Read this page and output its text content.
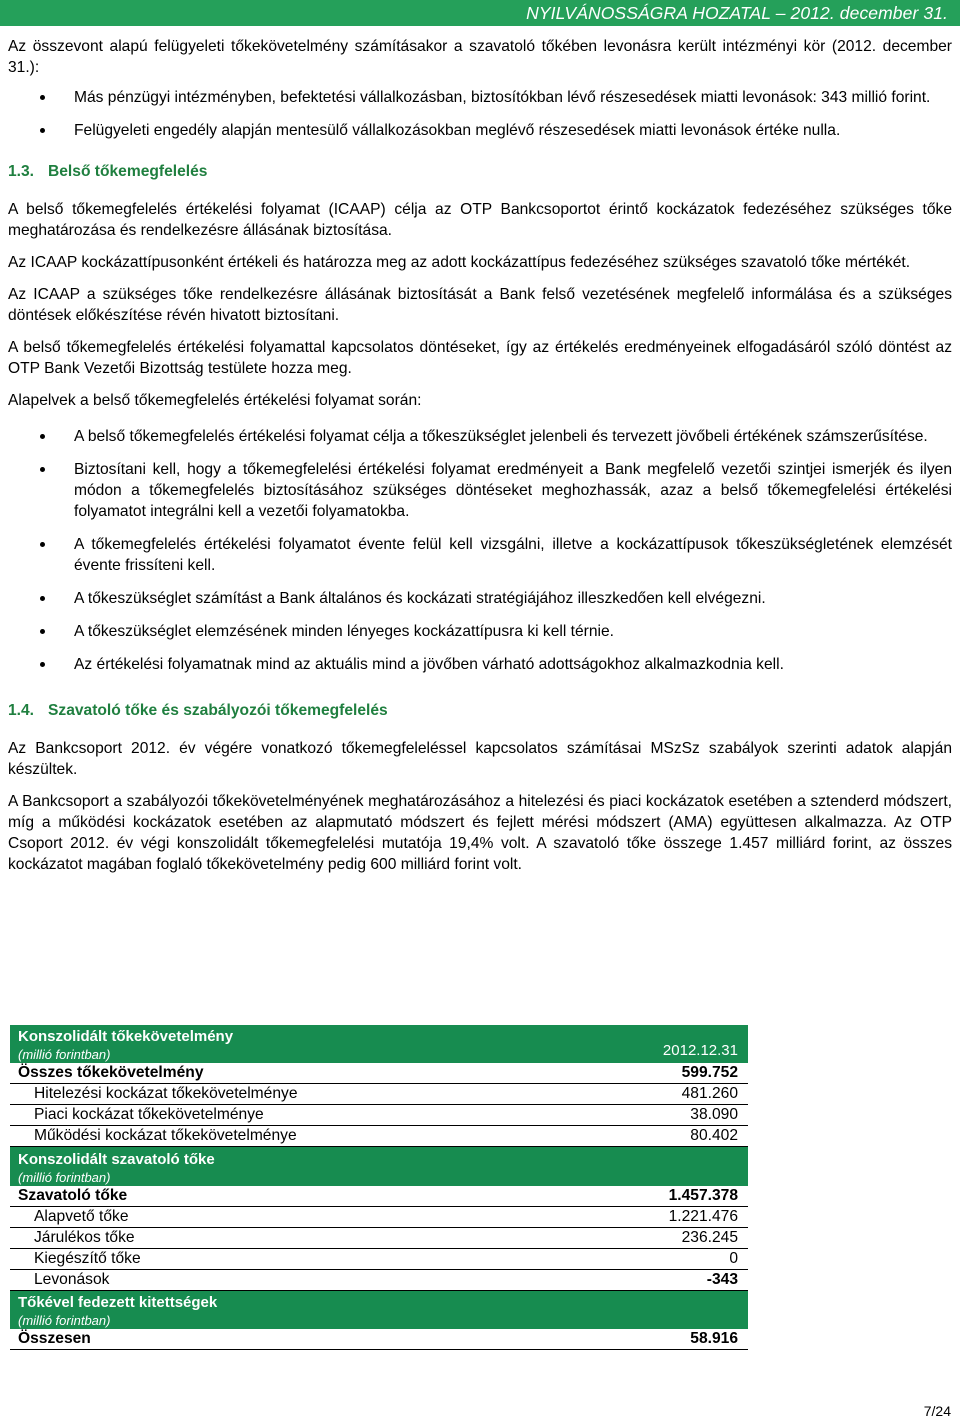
NYILVÁNOSSÁGRA HOZATAL – 2012. december 31.

Az összevont alapú felügyeleti tőkekövetelmény számításakor a szavatoló tőkében levonásra került intézményi kör (2012. december 31.):

Más pénzügyi intézményben, befektetési vállalkozásban, biztosítókban lévő részesedések miatti levonások: 343 millió forint.
Felügyeleti engedély alapján mentesülő vállalkozásokban meglévő részesedések miatti levonások értéke nulla.
1.3. Belső tőkemegfelelés

A belső tőkemegfelelés értékelési folyamat (ICAAP) célja az OTP Bankcsoportot érintő kockázatok fedezéséhez szükséges tőke meghatározása és rendelkezésre állásának biztosítása.

Az ICAAP kockázattípusonként értékeli és határozza meg az adott kockázattípus fedezéséhez szükséges szavatoló tőke mértékét.

Az ICAAP a szükséges tőke rendelkezésre állásának biztosítását a Bank felső vezetésének megfelelő informálása és a szükséges döntések előkészítése révén hivatott biztosítani.

A belső tőkemegfelelés értékelési folyamattal kapcsolatos döntéseket, így az értékelés eredményeinek elfogadásáról szóló döntést az OTP Bank Vezetői Bizottság testülete hozza meg.

Alapelvek a belső tőkemegfelelés értékelési folyamat során:

A belső tőkemegfelelés értékelési folyamat célja a tőkeszükséglet jelenbeli és tervezett jövőbeli értékének számszerűsítése.
Biztosítani kell, hogy a tőkemegfelelési értékelési folyamat eredményeit a Bank megfelelő vezetői szintjei ismerjék és ilyen módon a tőkemegfelelés biztosításához szükséges döntéseket meghozhassák, azaz a belső tőkemegfelelési értékelési folyamatot integrálni kell a vezetői folyamatokba.
A tőkemegfelelés értékelési folyamatot évente felül kell vizsgálni, illetve a kockázattípusok tőkeszükségletének elemzését évente frissíteni kell.
A tőkeszükséglet számítást a Bank általános és kockázati stratégiájához illeszkedően kell elvégezni.
A tőkeszükséglet elemzésének minden lényeges kockázattípusra ki kell térnie.
Az értékelési folyamatnak mind az aktuális mind a jövőben várható adottságokhoz alkalmazkodnia kell.
1.4. Szavatoló tőke és szabályozói tőkemegfelelés

Az Bankcsoport 2012. év végére vonatkozó tőkemegfeleléssel kapcsolatos számításai MSzSz szabályok szerinti adatok alapján készültek.

A Bankcsoport a szabályozói tőkekövetelményének meghatározásához a hitelezési és piaci kockázatok esetében a sztenderd módszert, míg a működési kockázatok esetében az alapmutató módszert és fejlett mérési módszert (AMA) együttesen alkalmazza. Az OTP Csoport 2012. év végi konszolidált tőkemegfelelési mutatója 19,4% volt. A szavatoló tőke összege 1.457 milliárd forint, az összes kockázatot magában foglaló tőkekövetelmény pedig 600 milliárd forint volt.

Konszolidált tőkekövetelmény
(millió forintban)	2012.12.31
Összes tőkekövetelmény	599.752
Hitelezési kockázat tőkekövetelménye	481.260
Piaci kockázat tőkekövetelménye	38.090
Működési kockázat tőkekövetelménye	80.402
Konszolidált szavatoló tőke
(millió forintban)
Szavatoló tőke	1.457.378
Alapvető tőke	1.221.476
Járulékos tőke	236.245
Kiegészítő tőke	0
Levonások	-343
Tőkével fedezett kitettségek
(millió forintban)
Összesen	58.916
7/24
